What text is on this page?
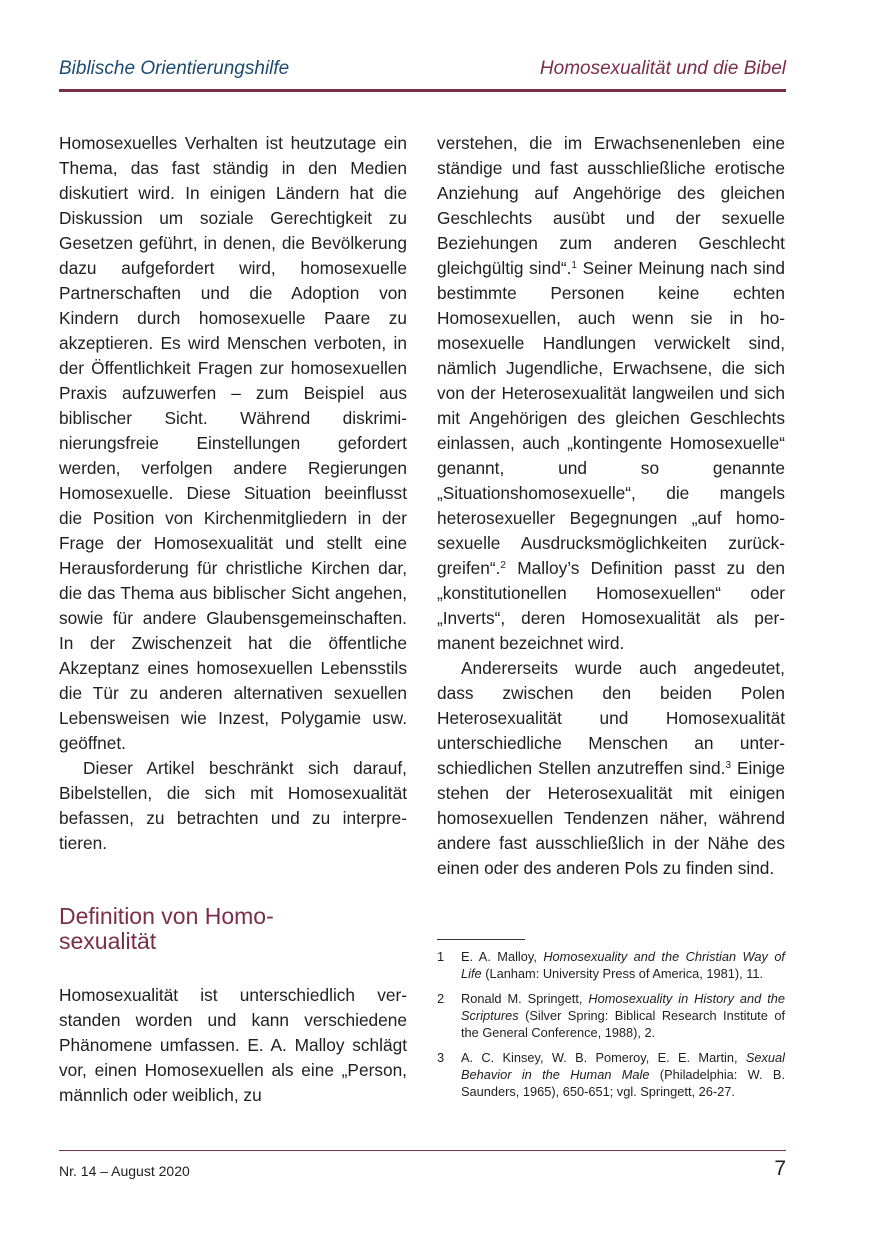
Biblische Orientierungshilfe	Homosexualität und die Bibel

Homosexuelles Verhalten ist heutzutage ein Thema, das fast ständig in den Medien diskutiert wird. In einigen Ländern hat die Diskussion um soziale Gerechtigkeit zu Gesetzen geführt, in denen, die Bevölkerung dazu aufgefordert wird, homosexuelle Partnerschaften und die Adoption von Kindern durch homosexuelle Paare zu akzeptieren. Es wird Menschen verboten, in der Öffentlichkeit Fragen zur homosexuellen Praxis aufzuwerfen – zum Beispiel aus biblischer Sicht. Während diskriminierungsfreie Einstellungen gefordert werden, verfolgen andere Regierungen Homosexuelle. Diese Situation beeinflusst die Position von Kirchenmitgliedern in der Frage der Homosexualität und stellt eine Herausforderung für christliche Kirchen dar, die das Thema aus biblischer Sicht angehen, sowie für andere Glaubensgemeinschaften. In der Zwischenzeit hat die öffentliche Akzeptanz eines homosexuellen Lebensstils die Tür zu anderen alternativen sexuellen Lebensweisen wie Inzest, Polygamie usw. geöffnet.

Dieser Artikel beschränkt sich darauf, Bibelstellen, die sich mit Homosexualität befassen, zu betrachten und zu interpretieren.

Definition von Homosexualität

Homosexualität ist unterschiedlich verstanden worden und kann verschiedene Phänomene umfassen. E. A. Malloy schlägt vor, einen Homosexuellen als eine „Person, männlich oder weiblich, zu

verstehen, die im Erwachsenenleben eine ständige und fast ausschließliche erotische Anziehung auf Angehörige des gleichen Geschlechts ausübt und der sexuelle Beziehungen zum anderen Geschlecht gleichgültig sind“.$^1$ Seiner Meinung nach sind bestimmte Personen keine echten Homosexuellen, auch wenn sie in homosexuelle Handlungen verwickelt sind, nämlich Jugendliche, Erwachsene, die sich von der Heterosexualität langweilen und sich mit Angehörigen des gleichen Geschlechts einlassen, auch „kontingente Homosexuelle“ genannt, und so genannte „Situationshomosexuelle“, die mangels heterosexueller Begegnungen „auf homosexuelle Ausdrucksmöglichkeiten zurückgreifen“.$^2$ Malloy’s Definition passt zu den „konstitutionellen Homosexuellen“ oder „Inverts“, deren Homosexualität als permanent bezeichnet wird.

Andererseits wurde auch angedeutet, dass zwischen den beiden Polen Heterosexualität und Homosexualität unterschiedliche Menschen an unterschiedlichen Stellen anzutreffen sind.$^3$ Einige stehen der Heterosexualität mit einigen homosexuellen Tendenzen näher, während andere fast ausschließlich in der Nähe des einen oder des anderen Pols zu finden sind.

1 E. A. Malloy, Homosexuality and the Christian Way of Life (Lanham: University Press of America, 1981), 11.
2 Ronald M. Springett, Homosexuality in History and the Scriptures (Silver Spring: Biblical Research Institute of the General Conference, 1988), 2.
3 A. C. Kinsey, W. B. Pomeroy, E. E. Martin, Sexual Behavior in the Human Male (Philadelphia: W. B. Saunders, 1965), 650-651; vgl. Springett, 26-27.
Nr. 14 – August 2020	7
